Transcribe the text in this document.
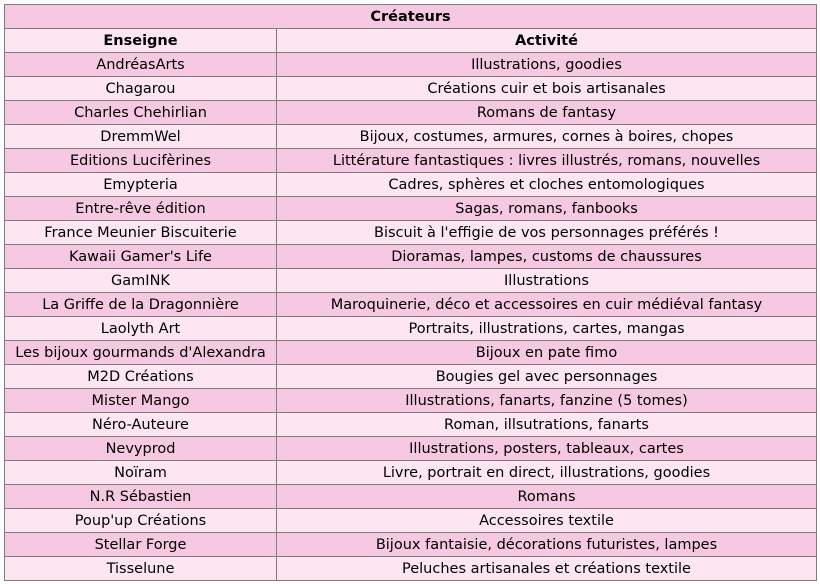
Créateurs	
Enseigne	Activité
AndréasArts	Illustrations, goodies
Chagarou	Créations cuir et bois artisanales
Charles Chehirlian	Romans de fantasy
DremmWel	Bijoux, costumes, armures, cornes à boires, chopes
Editions Lucifèrines	Littérature fantastiques : livres illustrés, romans, nouvelles
Emypteria	Cadres, sphères et cloches entomologiques
Entre-rêve édition	Sagas, romans, fanbooks
France Meunier Biscuiterie	Biscuit à l'effigie de vos personnages préférés !
Kawaii Gamer's Life	Dioramas, lampes, customs de chaussures
GamINK	Illustrations
La Griffe de la Dragonnière	Maroquinerie, déco et accessoires en cuir médiéval fantasy
Laolyth Art	Portraits, illustrations, cartes, mangas
Les bijoux gourmands d'Alexandra	Bijoux en pate fimo
M2D Créations	Bougies gel avec personnages
Mister Mango	Illustrations, fanarts, fanzine (5 tomes)
Néro-Auteure	Roman, illsutrations, fanarts
Nevyprod	Illustrations, posters, tableaux, cartes
Noïram	Livre, portrait en direct, illustrations, goodies
N.R Sébastien	Romans
Poup'up Créations	Accessoires textile
Stellar Forge	Bijoux fantaisie, décorations futuristes, lampes
Tisselune	Peluches artisanales et créations textile
